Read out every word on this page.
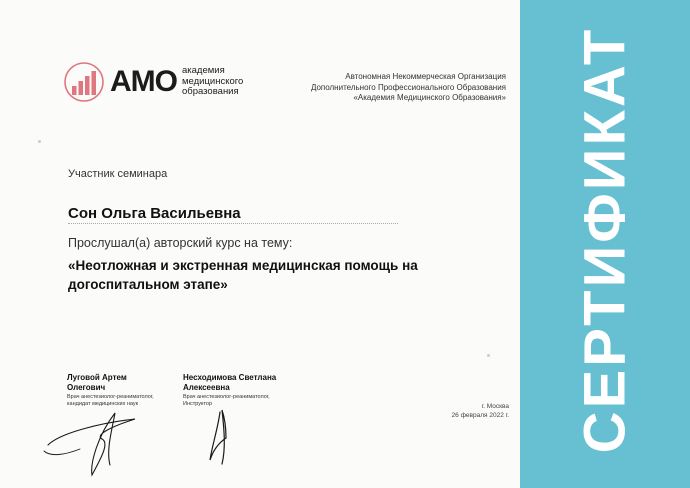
СЕРТИФИКАТ
АМО академия медицинского образования
Автономная Некоммерческая Организация
Дополнительного Профессионального Образования
«Академия Медицинского Образования»
Участник семинара
Сон Ольга Васильевна
Прослушал(а) авторский курс на тему:
«Неотложная и экстренная медицинская помощь на
догоспитальном этапе»
Луговой Артем
Олегович
Врач анестезиолог-реаниматолог,
кандидат медицинских наук
Несходимова Светлана
Алексеевна
Врач анестезиолог-реаниматолог,
Инструктор	г. Москва
26 февраля 2022 г.
